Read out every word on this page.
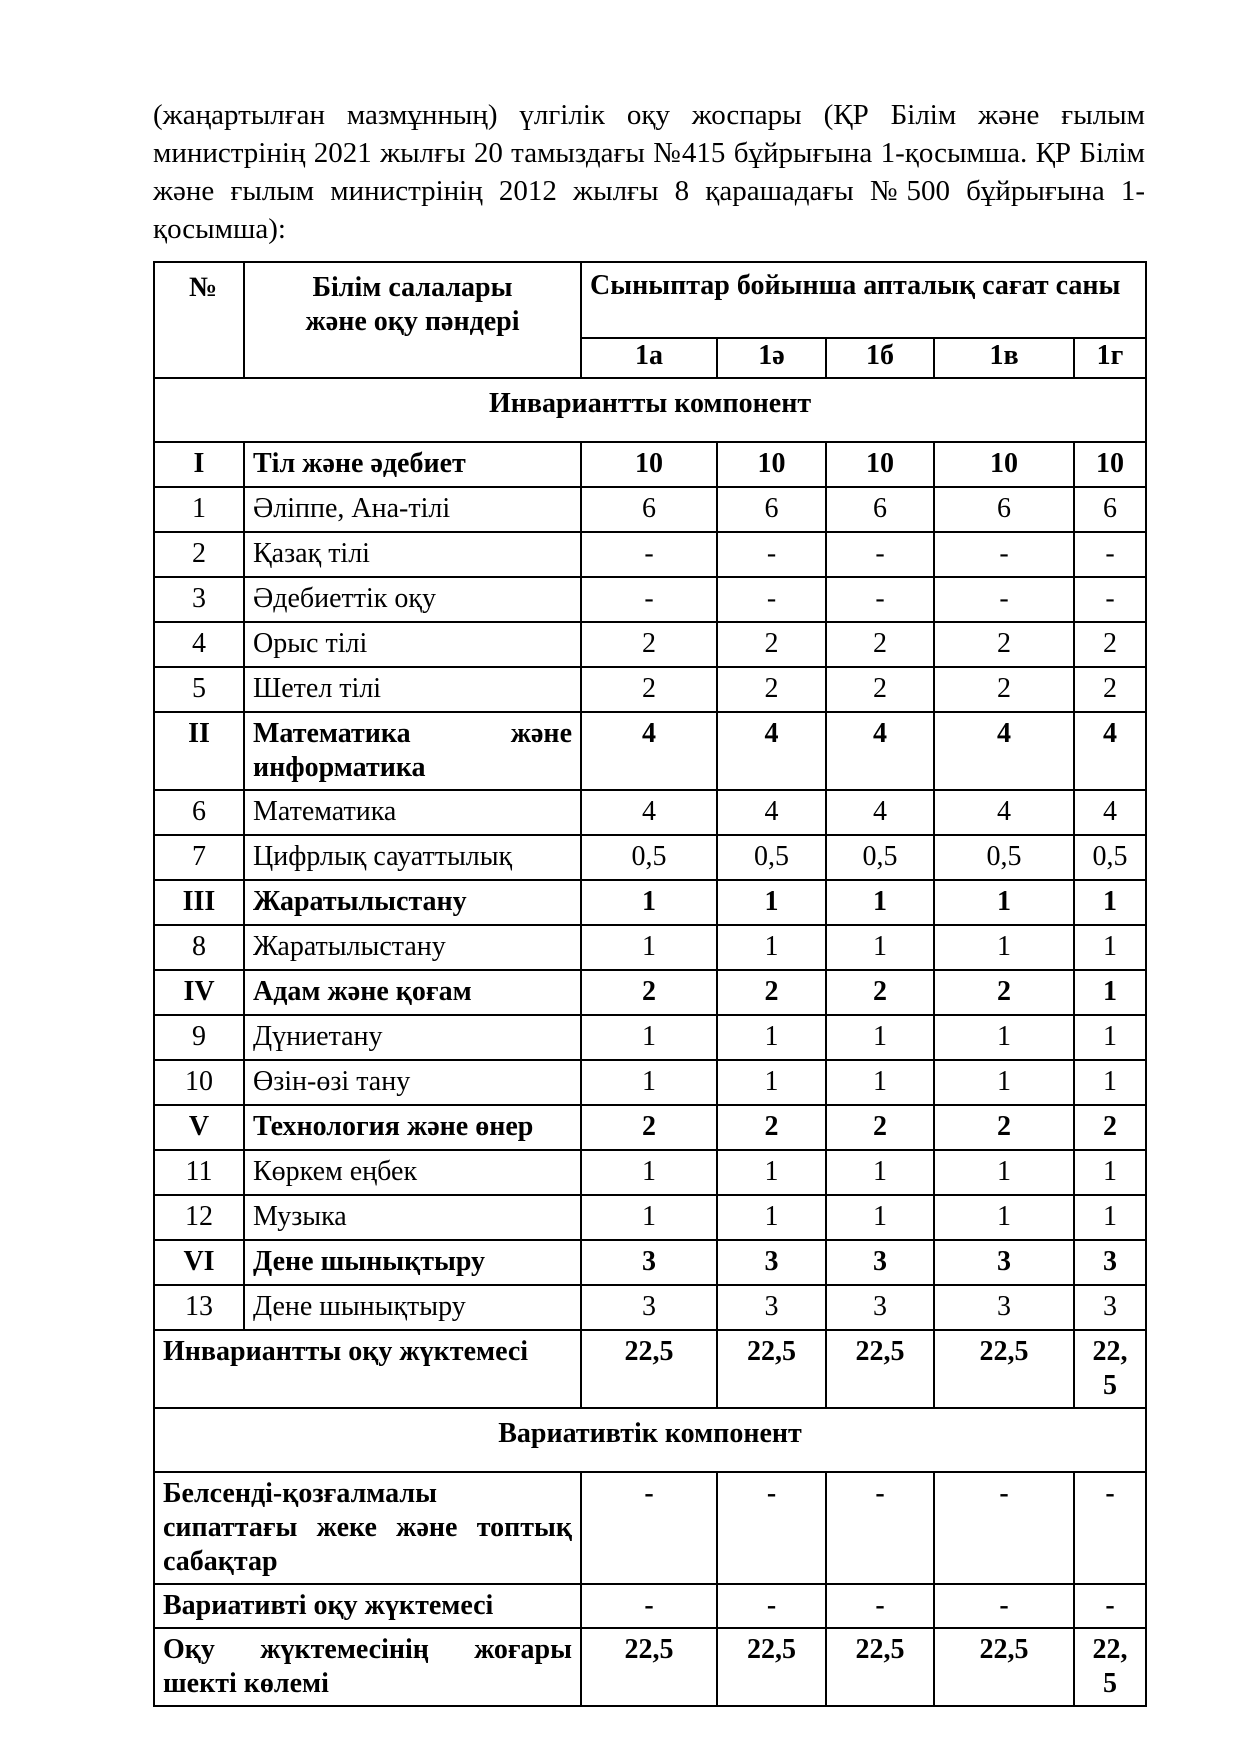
(жаңартылған мазмұнның) үлгілік оқу жоспары (ҚР Білім және ғылым министрінің 2021 жылғы 20 тамыздағы №415 бұйрығына 1-қосымша. ҚР Білім және ғылым министрінің 2012 жылғы 8 қарашадағы №500 бұйрығына 1- қосымша):

№	Білім салалары және оқу пәндері	Сыныптар бойынша апталық сағат саны				
		1а	1ә	1б	1в	1г
Инвариантты компонент						
I	Тіл және әдебиет	10	10	10	10	10
1	Әліппе, Ана-тілі	6	6	6	6	6
2	Қазақ тілі	-	-	-	-	-
3	Әдебиеттік оқу	-	-	-	-	-
4	Орыс тілі	2	2	2	2	2
5	Шетел тілі	2	2	2	2	2
II	Математика және информатика	4	4	4	4	4
6	Математика	4	4	4	4	4
7	Цифрлық сауаттылық	0,5	0,5	0,5	0,5	0,5
III	Жаратылыстану	1	1	1	1	1
8	Жаратылыстану	1	1	1	1	1
IV	Адам және қоғам	2	2	2	2	1
9	Дүниетану	1	1	1	1	1
10	Өзін-өзі тану	1	1	1	1	1
V	Технология және өнер	2	2	2	2	2
11	Көркем еңбек	1	1	1	1	1
12	Музыка	1	1	1	1	1
VI	Дене шынықтыру	3	3	3	3	3
13	Дене шынықтыру	3	3	3	3	3
Инвариантты оқу жүктемесі		22,5	22,5	22,5	22,5	22,5
Вариативтік компонент						
Белсенді-қозғалмалы сипаттағы жеке және топтық сабақтар		-	-	-	-	-
Вариативті оқу жүктемесі		-	-	-	-	-
Оқу жүктемесінің жоғары шекті көлемі		22,5	22,5	22,5	22,5	22,5
